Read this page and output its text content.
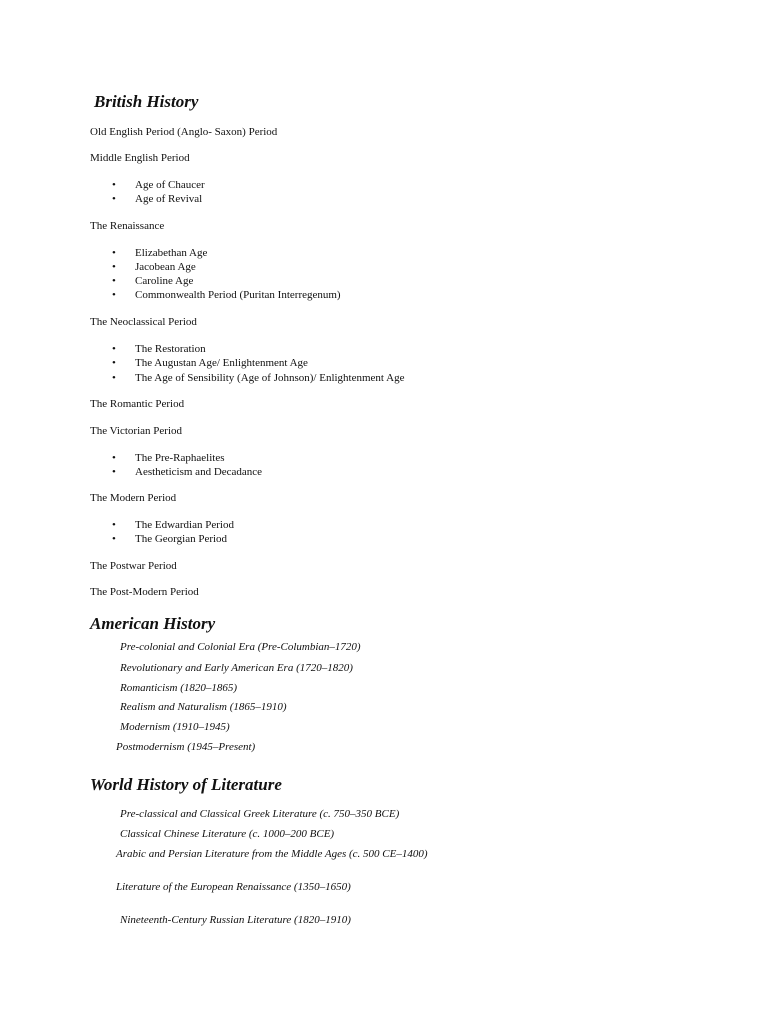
British History
Old English Period (Anglo- Saxon) Period
Middle English Period
• Age of Chaucer
• Age of Revival
The Renaissance
• Elizabethan Age
• Jacobean Age
• Caroline Age
• Commonwealth Period (Puritan Interregenum)
The Neoclassical Period
• The Restoration
• The Augustan Age/ Enlightenment Age
• The Age of Sensibility (Age of Johnson)/ Enlightenment Age
The Romantic Period
The Victorian Period
• The Pre-Raphaelites
• Aestheticism and Decadance
The Modern Period
• The Edwardian Period
• The Georgian Period
The Postwar Period
The Post-Modern Period
American History
Pre-colonial and Colonial Era (Pre-Columbian–1720)
Revolutionary and Early American Era (1720–1820)
Romanticism (1820–1865)
Realism and Naturalism (1865–1910)
Modernism (1910–1945)
Postmodernism (1945–Present)
World History of Literature
Pre-classical and Classical Greek Literature (c. 750–350 BCE)
Classical Chinese Literature (c. 1000–200 BCE)
Arabic and Persian Literature from the Middle Ages (c. 500 CE–1400)
Literature of the European Renaissance (1350–1650)
Nineteenth-Century Russian Literature (1820–1910)
